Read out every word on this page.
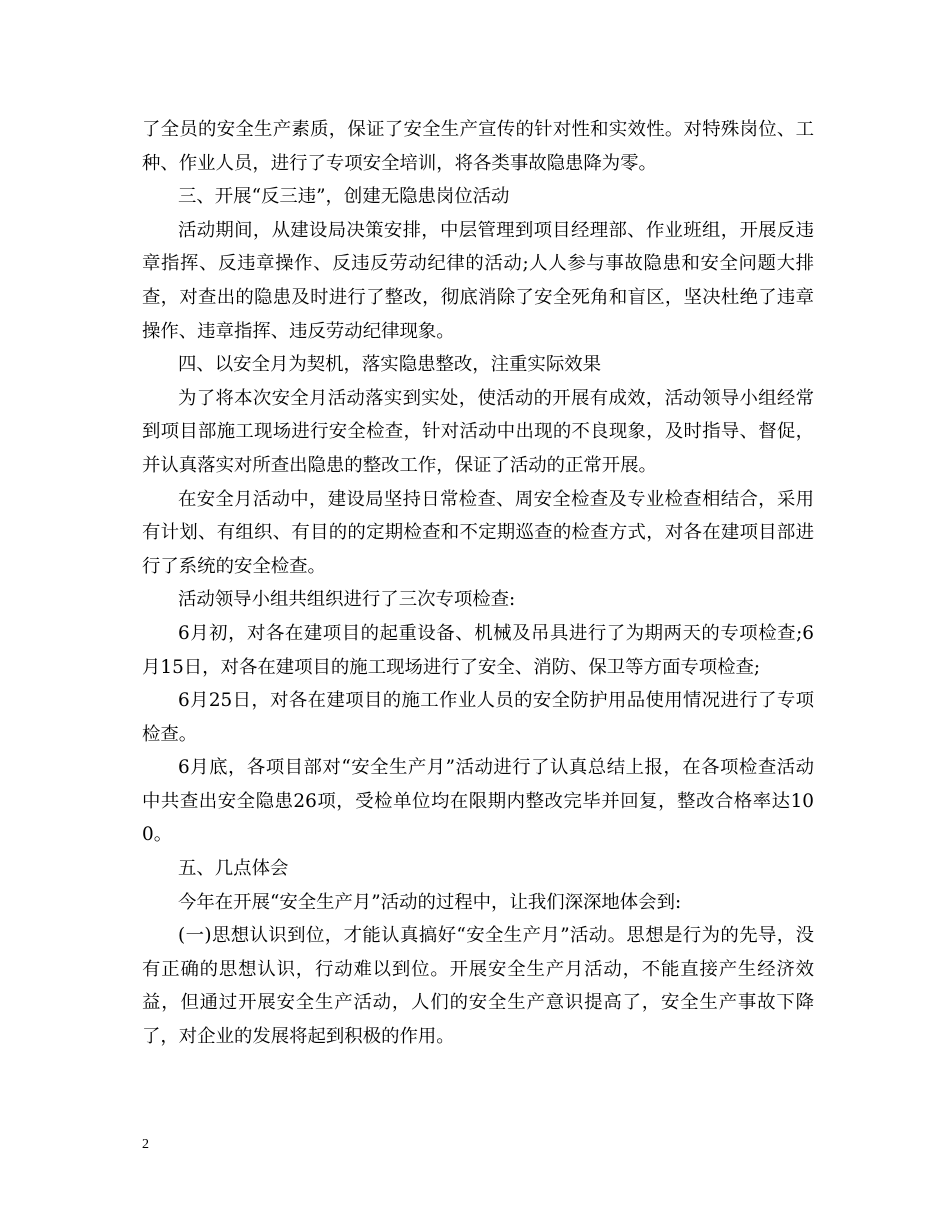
了全员的安全生产素质，保证了安全生产宣传的针对性和实效性。对特殊岗位、工种、作业人员，进行了专项安全培训，将各类事故隐患降为零。

三、开展“反三违”，创建无隐患岗位活动

活动期间，从建设局决策安排，中层管理到项目经理部、作业班组，开展反违章指挥、反违章操作、反违反劳动纪律的活动;人人参与事故隐患和安全问题大排查，对查出的隐患及时进行了整改，彻底消除了安全死角和盲区，坚决杜绝了违章操作、违章指挥、违反劳动纪律现象。

四、以安全月为契机，落实隐患整改，注重实际效果

为了将本次安全月活动落实到实处，使活动的开展有成效，活动领导小组经常到项目部施工现场进行安全检查，针对活动中出现的不良现象，及时指导、督促，并认真落实对所查出隐患的整改工作，保证了活动的正常开展。

在安全月活动中，建设局坚持日常检查、周安全检查及专业检查相结合，采用有计划、有组织、有目的的定期检查和不定期巡查的检查方式，对各在建项目部进行了系统的安全检查。

活动领导小组共组织进行了三次专项检查:

6月初，对各在建项目的起重设备、机械及吊具进行了为期两天的专项检查;6月15日，对各在建项目的施工现场进行了安全、消防、保卫等方面专项检查;

6月25日，对各在建项目的施工作业人员的安全防护用品使用情况进行了专项检查。

6月底，各项目部对“安全生产月”活动进行了认真总结上报，在各项检查活动中共查出安全隐患26项，受检单位均在限期内整改完毕并回复，整改合格率达100。

五、几点体会

今年在开展“安全生产月”活动的过程中，让我们深深地体会到:

(一)思想认识到位，才能认真搞好“安全生产月”活动。思想是行为的先导，没有正确的思想认识，行动难以到位。开展安全生产月活动，不能直接产生经济效益，但通过开展安全生产活动，人们的安全生产意识提高了，安全生产事故下降了，对企业的发展将起到积极的作用。

2
